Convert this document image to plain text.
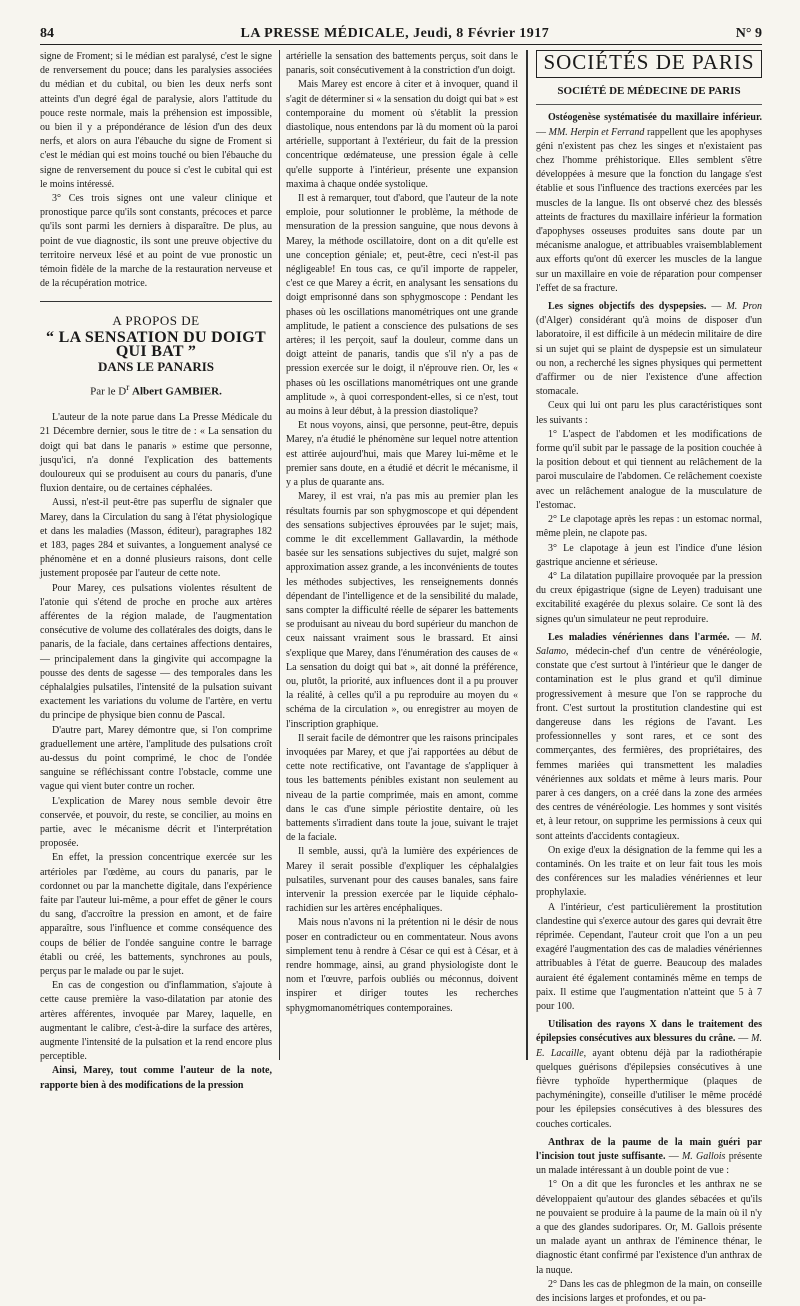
84	LA PRESSE MÉDICALE, Jeudi, 8 Février 1917	N° 9

signe de Froment; si le médian est paralysé, c'est le signe de renversement du pouce; dans les paralysies associées du médian et du cubital, ou bien les deux nerfs sont atteints d'un degré égal de paralysie, alors l'attitude du pouce reste normale, mais la préhension est impossible, ou bien il y a prépondérance de lésion d'un des deux nerfs, et alors on aura l'ébauche du signe de Froment si c'est le médian qui est moins touché ou bien l'ébauche du signe de renversement du pouce si c'est le cubital qui est le moins intéressé.

3° Ces trois signes ont une valeur clinique et pronostique parce qu'ils sont constants, précoces et parce qu'ils sont parmi les derniers à disparaître. De plus, au point de vue diagnostic, ils sont une preuve objective du territoire nerveux lésé et au point de vue pronostic un témoin fidèle de la marche de la restauration nerveuse et de la récupération motrice.

A PROPOS DE
“ LA SENSATION DU DOIGT QUI BAT ”
DANS LE PANARIS
Par le $D^r$ Albert GAMBIER.

L'auteur de la note parue dans La Presse Médicale du 21 Décembre dernier, sous le titre de : « La sensation du doigt qui bat dans le panaris » estime que personne, jusqu'ici, n'a donné l'explication des battements douloureux qui se produisent au cours du panaris, d'une fluxion dentaire, ou de certaines céphalées.

Aussi, n'est-il peut-être pas superflu de signaler que Marey, dans la Circulation du sang à l'état physiologique et dans les maladies (Masson, éditeur), paragraphes 182 et 183, pages 284 et suivantes, a longuement analysé ce phénomène et en a donné plusieurs raisons, dont celle justement proposée par l'auteur de cette note.

Pour Marey, ces pulsations violentes résultent de l'atonie qui s'étend de proche en proche aux artères afférentes de la région malade, de l'augmentation consécutive de volume des collatérales des doigts, dans le panaris, de la faciale, dans certaines affections dentaires, — principalement dans la gingivite qui accompagne la pousse des dents de sagesse — des temporales dans les céphalalgies pulsatiles, l'intensité de la pulsation suivant exactement les variations du volume de l'artère, en vertu du principe de physique bien connu de Pascal.

D'autre part, Marey démontre que, si l'on comprime graduellement une artère, l'amplitude des pulsations croît au-dessus du point comprimé, le choc de l'ondée sanguine se réfléchissant contre l'obstacle, comme une vague qui vient buter contre un rocher.

L'explication de Marey nous semble devoir être conservée, et pouvoir, du reste, se concilier, au moins en partie, avec le mécanisme décrit et l'interprétation proposée.

En effet, la pression concentrique exercée sur les artérioles par l'œdème, au cours du panaris, par le cordonnet ou par la manchette digitale, dans l'expérience faite par l'auteur lui-même, a pour effet de gêner le cours du sang, d'accroître la pression en amont, et de faire apparaître, sous l'influence et comme conséquence des coups de bélier de l'ondée sanguine contre le barrage établi ou créé, les battements, synchrones au pouls, perçus par le malade ou par le sujet.

En cas de congestion ou d'inflammation, s'ajoute à cette cause première la vaso-dilatation par atonie des artères afférentes, invoquée par Marey, laquelle, en augmentant le calibre, c'est-à-dire la surface des artères, augmente l'intensité de la pulsation et la rend encore plus perceptible.

Ainsi, Marey, tout comme l'auteur de la note, rapporte bien à des modifications de la pression

artérielle la sensation des battements perçus, soit dans le panaris, soit consécutivement à la constriction d'un doigt.

Mais Marey est encore à citer et à invoquer, quand il s'agit de déterminer si « la sensation du doigt qui bat » est contemporaine du moment où s'établit la pression diastolique, nous entendons par là du moment où la paroi artérielle, supportant à l'extérieur, du fait de la pression concentrique œdémateuse, une pression égale à celle qu'elle supporte à l'intérieur, présente une expansion maxima à chaque ondée systolique.

Il est à remarquer, tout d'abord, que l'auteur de la note emploie, pour solutionner le problème, la méthode de mensuration de la pression sanguine, que nous devons à Marey, la méthode oscillatoire, dont on a dit qu'elle est une conception géniale; et, peut-être, ceci n'est-il pas négligeable! En tous cas, ce qu'il importe de rappeler, c'est ce que Marey a écrit, en analysant les sensations du doigt emprisonné dans son sphygmoscope : Pendant les phases où les oscillations manométriques ont une grande amplitude, le patient a conscience des pulsations de ses artères; il les perçoit, sauf la douleur, comme dans un doigt atteint de panaris, tandis que s'il n'y a pas de pression exercée sur le doigt, il n'éprouve rien. Or, les « phases où les oscillations manométriques ont une grande amplitude », à quoi correspondent-elles, si ce n'est, tout au moins à leur début, à la pression diastolique?

Et nous voyons, ainsi, que personne, peut-être, depuis Marey, n'a étudié le phénomène sur lequel notre attention est attirée aujourd'hui, mais que Marey lui-même et le premier sans doute, en a étudié et décrit le mécanisme, il y a plus de quarante ans.

Marey, il est vrai, n'a pas mis au premier plan les résultats fournis par son sphygmoscope et qui dépendent des sensations subjectives éprouvées par le sujet; mais, comme le dit excellemment Gallavardin, la méthode basée sur les sensations subjectives du sujet, malgré son approximation assez grande, a les inconvénients de toutes les méthodes subjectives, les renseignements donnés dépendant de l'intelligence et de la sensibilité du malade, sans compter la difficulté réelle de séparer les battements se produisant au niveau du bord supérieur du manchon de ceux naissant vraiment sous le brassard. Et ainsi s'explique que Marey, dans l'énumération des causes de « La sensation du doigt qui bat », ait donné la préférence, ou, plutôt, la priorité, aux influences dont il a pu prouver la réalité, à celles qu'il a pu reproduire au moyen du « schéma de la circulation », ou enregistrer au moyen de l'inscription graphique.

Il serait facile de démontrer que les raisons principales invoquées par Marey, et que j'ai rapportées au début de cette note rectificative, ont l'avantage de s'appliquer à tous les battements pénibles existant non seulement au niveau de la partie comprimée, mais en amont, comme dans le cas d'une simple périostite dentaire, où les battements s'irradient dans toute la joue, suivant le trajet de la faciale.

Il semble, aussi, qu'à la lumière des expériences de Marey il serait possible d'expliquer les céphalalgies pulsatiles, survenant pour des causes banales, sans faire intervenir la pression exercée par le liquide céphalo-rachidien sur les artères encéphaliques.

Mais nous n'avons ni la prétention ni le désir de nous poser en contradicteur ou en commentateur. Nous avons simplement tenu à rendre à César ce qui est à César, et à rendre hommage, ainsi, au grand physiologiste dont le nom et l'œuvre, parfois oubliés ou méconnus, doivent inspirer et diriger toutes les recherches sphygmomanométriques contemporaines.

SOCIÉTÉS DE PARIS
SOCIÉTÉ DE MÉDECINE DE PARIS

Ostéogenèse systématisée du maxillaire inférieur. — MM. Herpin et Ferrand rappellent que les apophyses géni n'existent pas chez les singes et n'existaient pas chez l'homme préhistorique. Elles semblent s'être développées à mesure que la fonction du langage s'est établie et sous l'influence des tractions exercées par les muscles de la langue. Ils ont observé chez des blessés atteints de fractures du maxillaire inférieur la formation d'apophyses osseuses produites sans doute par un mécanisme analogue, et attribuables vraisemblablement aux efforts qu'ont dû exercer les muscles de la langue sur un maxillaire en voie de réparation pour compenser l'effet de sa fracture.

Les signes objectifs des dyspepsies. — M. Pron (d'Alger) considérant qu'à moins de disposer d'un laboratoire, il est difficile à un médecin militaire de dire si un sujet qui se plaint de dyspepsie est un simulateur ou non, a recherché les signes physiques qui permettent d'affirmer ou de nier l'existence d'une affection stomacale.

Ceux qui lui ont paru les plus caractéristiques sont les suivants :

1° L'aspect de l'abdomen et les modifications de forme qu'il subit par le passage de la position couchée à la position debout et qui tiennent au relâchement de la paroi musculaire de l'abdomen. Ce relâchement coexiste avec un relâchement analogue de la musculature de l'estomac.

2° Le clapotage après les repas : un estomac normal, même plein, ne clapote pas.

3° Le clapotage à jeun est l'indice d'une lésion gastrique ancienne et sérieuse.

4° La dilatation pupillaire provoquée par la pression du creux épigastrique (signe de Leyen) traduisant une excitabilité exagérée du plexus solaire. Ce sont là des signes qu'un simulateur ne peut reproduire.

Les maladies vénériennes dans l'armée. — M. Salamo, médecin-chef d'un centre de vénéréologie, constate que c'est surtout à l'intérieur que le danger de contamination est le plus grand et qu'il diminue progressivement à mesure que l'on se rapproche du front. C'est surtout la prostitution clandestine qui est dangereuse dans les régions de l'avant. Les professionnelles y sont rares, et ce sont des commerçantes, des fermières, des propriétaires, des femmes mariées qui transmettent les maladies vénériennes aux soldats et même à leurs maris. Pour parer à ces dangers, on a créé dans la zone des armées des centres de vénéréologie. Les hommes y sont visités et, à leur retour, on supprime les permissions à ceux qui sont atteints d'accidents contagieux.

On exige d'eux la désignation de la femme qui les a contaminés. On les traite et on leur fait tous les mois des conférences sur les maladies vénériennes et leur prophylaxie.

A l'intérieur, c'est particulièrement la prostitution clandestine qui s'exerce autour des gares qui devrait être réprimée. Cependant, l'auteur croit que l'on a un peu exagéré l'augmentation des cas de maladies vénériennes attribuables à l'état de guerre. Beaucoup des malades auraient été également contaminés même en temps de paix. Il estime que l'augmentation n'atteint que 5 à 7 pour 100.

Utilisation des rayons X dans le traitement des épilepsies consécutives aux blessures du crâne. — M. E. Lacaille, ayant obtenu déjà par la radiothérapie quelques guérisons d'épilepsies consécutives à une fièvre typhoïde hyperthermique (plaques de pachyméningite), conseille d'utiliser le même procédé pour les épilepsies consécutives à des blessures des couches corticales.

Anthrax de la paume de la main guéri par l'incision tout juste suffisante. — M. Gallois présente un malade intéressant à un double point de vue :

1° On a dit que les furoncles et les anthrax ne se développaient qu'autour des glandes sébacées et qu'ils ne pouvaient se produire à la paume de la main où il n'y a que des glandes sudoripares. Or, M. Gallois présente un malade ayant un anthrax de l'éminence thénar, le diagnostic étant confirmé par l'existence d'un anthrax de la nuque.

2° Dans les cas de phlegmon de la main, on conseille des incisions larges et profondes, et ou pa-
